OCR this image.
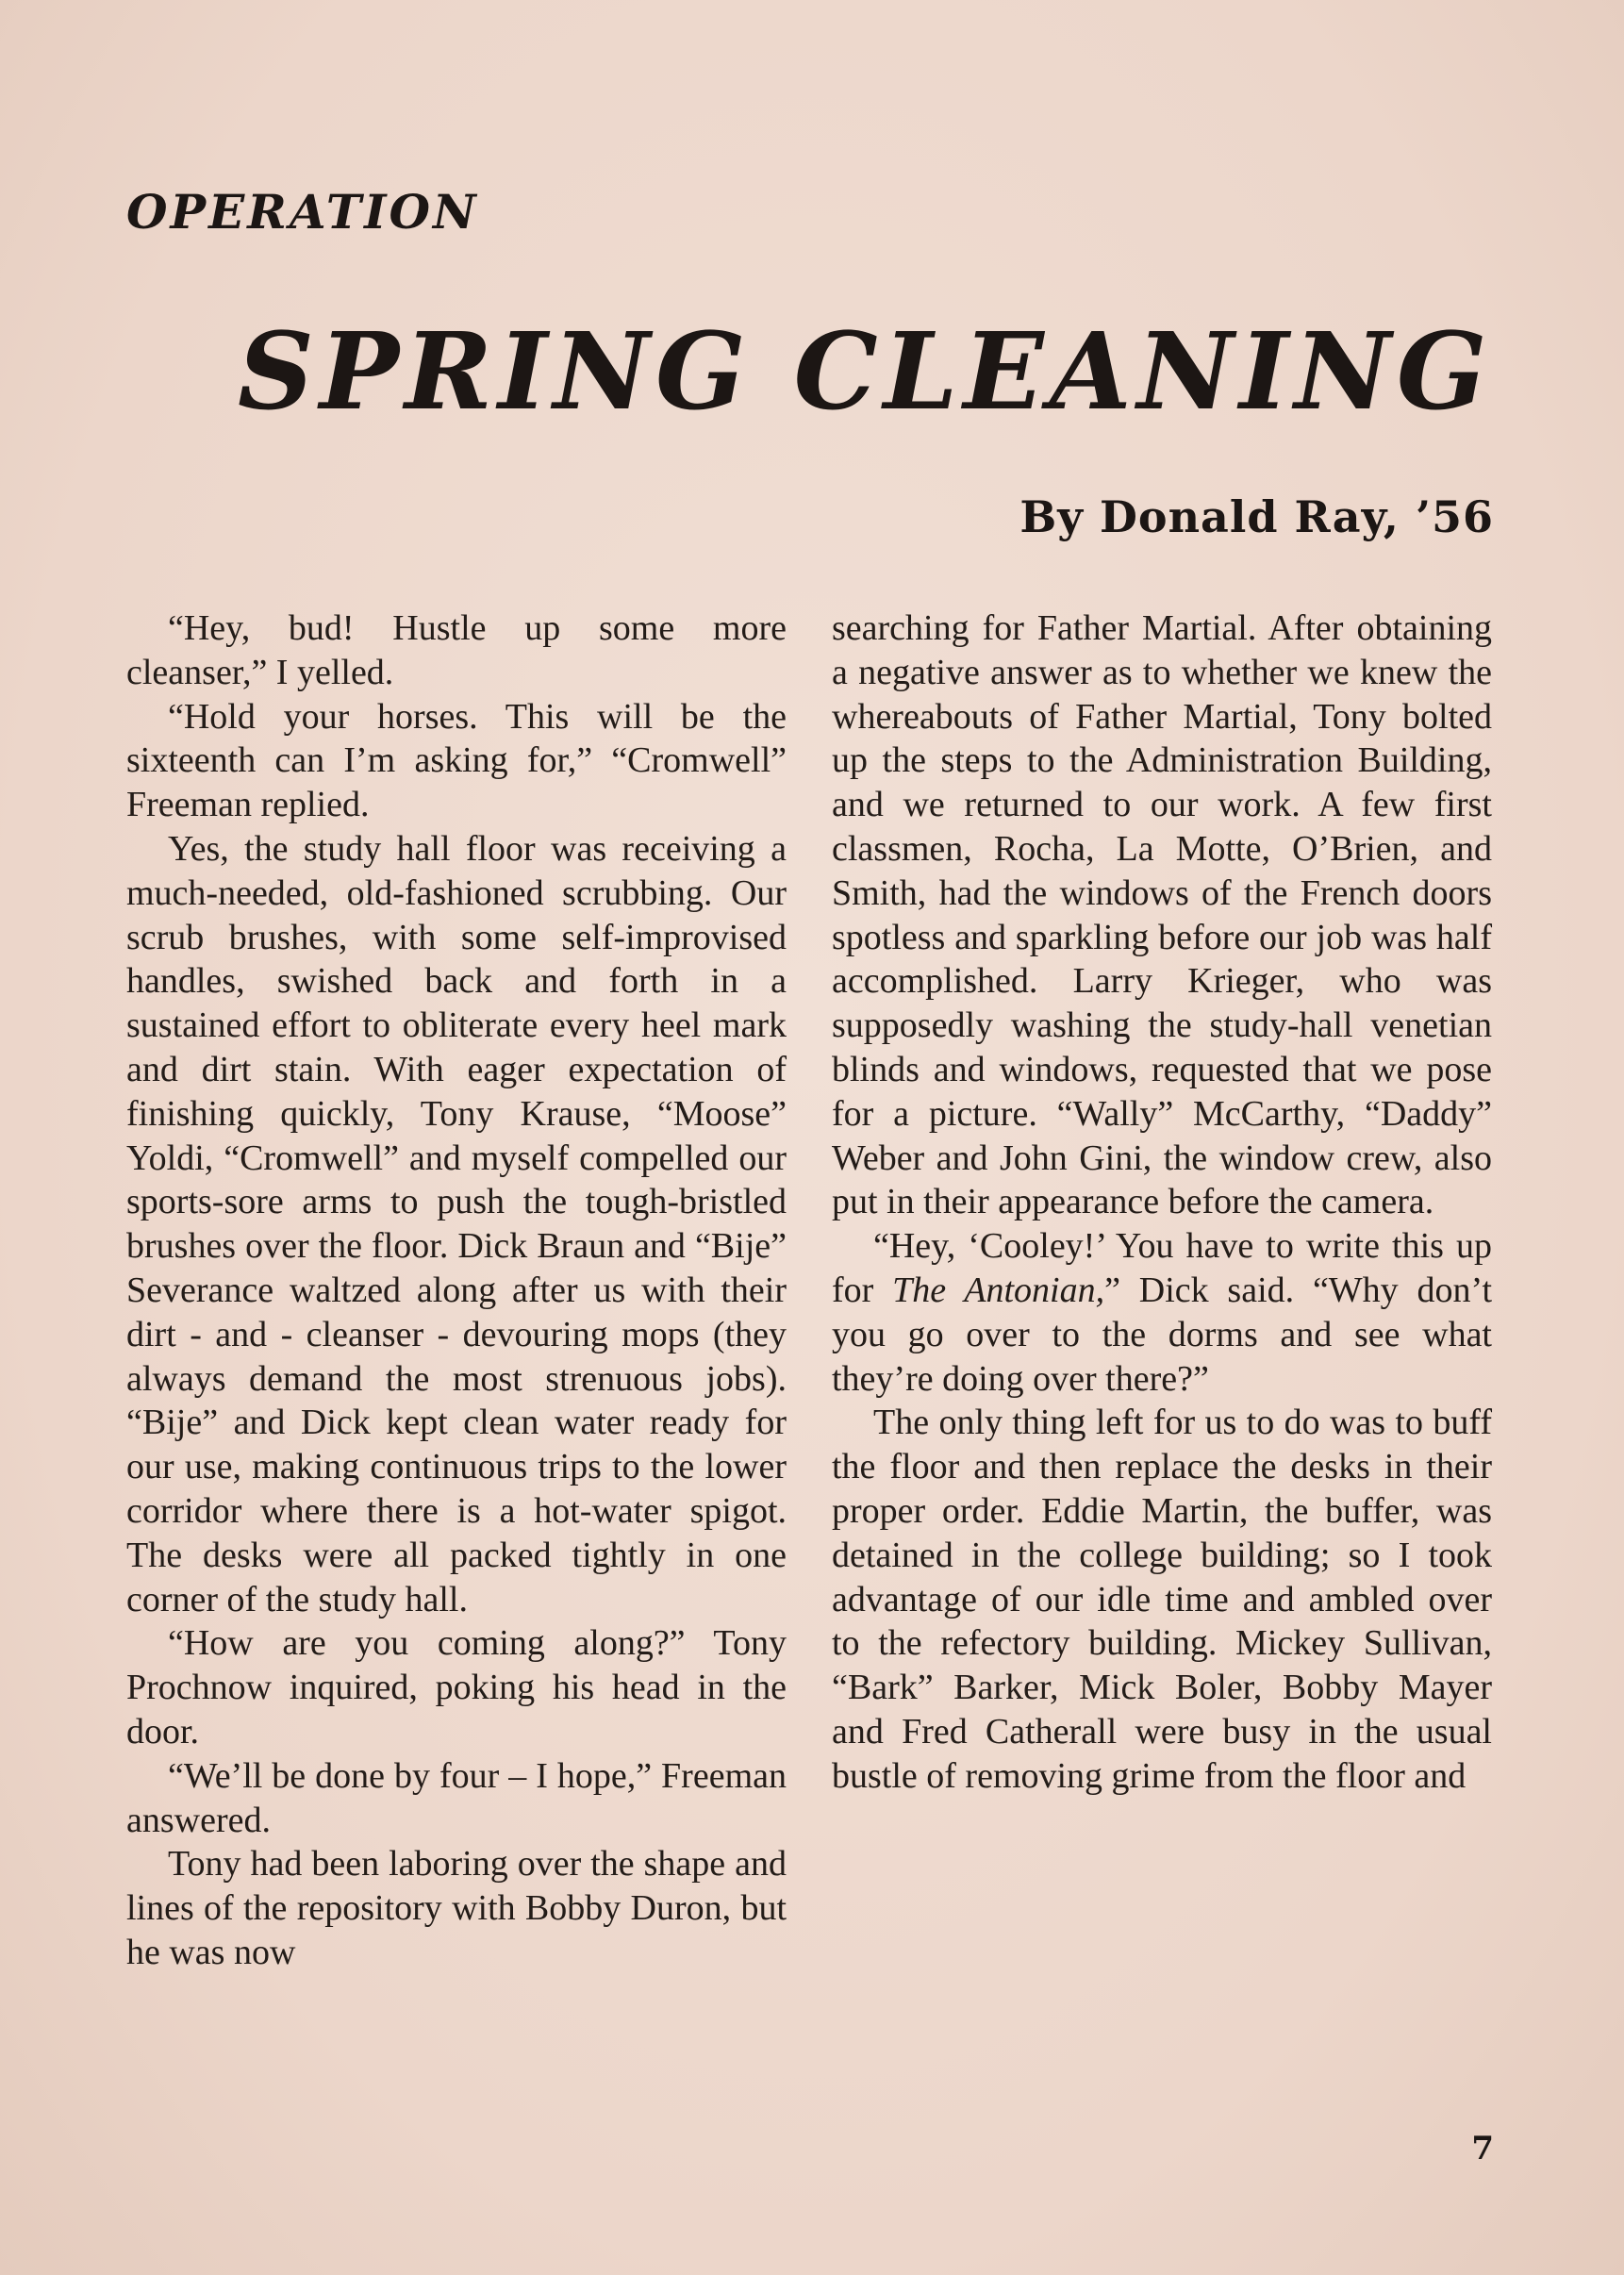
OPERATION
SPRING CLEANING
By Donald Ray, ’56

“Hey, bud! Hustle up some more cleanser,” I yelled.

“Hold your horses. This will be the sixteenth can I’m asking for,” “Cromwell” Freeman replied.

Yes, the study hall floor was receiving a much-needed, old-fashioned scrubbing. Our scrub brushes, with some self-improvised handles, swished back and forth in a sustained effort to obliterate every heel mark and dirt stain. With eager expectation of finishing quickly, Tony Krause, “Moose” Yoldi, “Cromwell” and myself compelled our sports-sore arms to push the tough-bristled brushes over the floor. Dick Braun and “Bije” Severance waltzed along after us with their dirt - and - cleanser - devouring mops (they always demand the most strenuous jobs). “Bije” and Dick kept clean water ready for our use, making continuous trips to the lower corridor where there is a hot-water spigot. The desks were all packed tightly in one corner of the study hall.

“How are you coming along?” Tony Prochnow inquired, poking his head in the door.

“We’ll be done by four – I hope,” Freeman answered.

Tony had been laboring over the shape and lines of the repository with Bobby Duron, but he was now

searching for Father Martial. After obtaining a negative answer as to whether we knew the whereabouts of Father Martial, Tony bolted up the steps to the Administration Building, and we returned to our work. A few first classmen, Rocha, La Motte, O’Brien, and Smith, had the windows of the French doors spotless and sparkling before our job was half accomplished. Larry Krieger, who was supposedly washing the study-hall venetian blinds and windows, requested that we pose for a picture. “Wally” McCarthy, “Daddy” Weber and John Gini, the window crew, also put in their appearance before the camera.

“Hey, ‘Cooley!’ You have to write this up for The Antonian,” Dick said. “Why don’t you go over to the dorms and see what they’re doing over there?”

The only thing left for us to do was to buff the floor and then replace the desks in their proper order. Eddie Martin, the buffer, was detained in the college building; so I took advantage of our idle time and ambled over to the refectory building. Mickey Sullivan, “Bark” Barker, Mick Boler, Bobby Mayer and Fred Catherall were busy in the usual bustle of removing grime from the floor and

7
